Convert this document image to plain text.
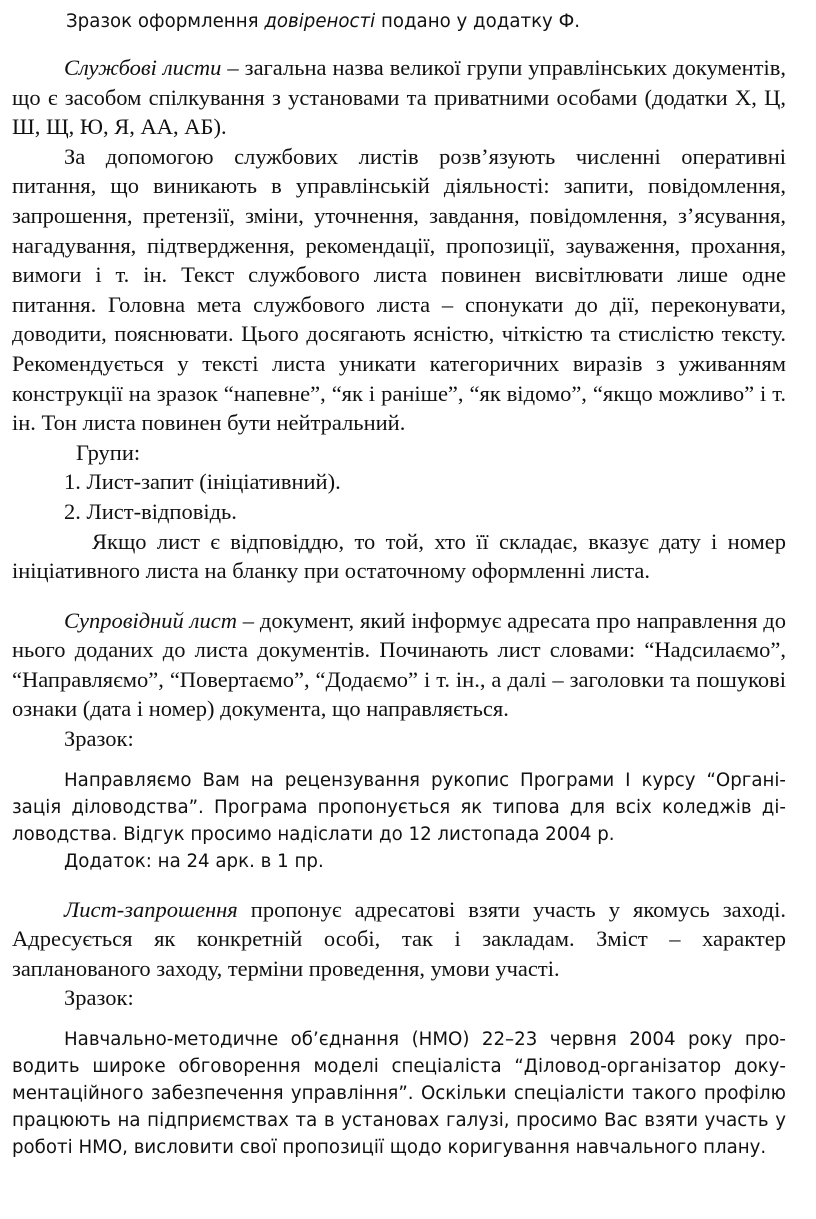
Зразок оформлення довіреності подано у додатку Ф.

Службові листи – загальна назва великої групи управлінських документів, що є засобом спілкування з установами та приватними особами (додатки Х, Ц, Ш, Щ, Ю, Я, АА, АБ).

За допомогою службових листів розв’язують численні оперативні питання, що виникають в управлінській діяльності: запити, повідомлення, запрошення, претензії, зміни, уточнення, завдання, повідомлення, з’ясування, нагадування, підтвердження, рекомендації, пропозиції, зауваження, прохання, вимоги і т. ін. Текст службового листа повинен висвітлювати лише одне питання. Головна мета службового листа – спонукати до дії, переконувати, доводити, пояснювати. Цього досягають ясністю, чіткістю та стислістю тексту. Рекомендується у тексті листа уникати категоричних виразів з уживанням конструкції на зразок “напевне”, “як і раніше”, “як відомо”, “якщо можливо” і т. ін. Тон листа повинен бути нейтральний.

Групи:

1. Лист-запит (ініціативний).

2. Лист-відповідь.

Якщо лист є відповіддю, то той, хто її складає, вказує дату і номер ініціативного листа на бланку при остаточному оформленні листа.

Супровідний лист – документ, який інформує адресата про направлення до нього доданих до листа документів. Починають лист словами: “Надсилаємо”, “Направляємо”, “Повертаємо”, “Додаємо” і т. ін., а далі – заголовки та пошукові ознаки (дата і номер) документа, що направляється.

Зразок:

Направляємо Вам на рецензування рукопис Програми І курсу “Організація діловодства”. Програма пропонується як типова для всіх коледжів діловодства. Відгук просимо надіслати до 12 листопада 2004 р.

Додаток: на 24 арк. в 1 пр.

Лист-запрошення пропонує адресатові взяти участь у якомусь заході. Адресується як конкретній особі, так і закладам. Зміст – характер запланованого заходу, терміни проведення, умови участі.

Зразок:

Навчально-методичне об’єднання (НМО) 22–23 червня 2004 року проводить широке обговорення моделі спеціаліста “Діловод-організатор документаційного забезпечення управління”. Оскільки спеціалісти такого профілю працюють на підприємствах та в установах галузі, просимо Вас взяти участь у роботі НМО, висловити свої пропозиції щодо коригування навчального плану.
